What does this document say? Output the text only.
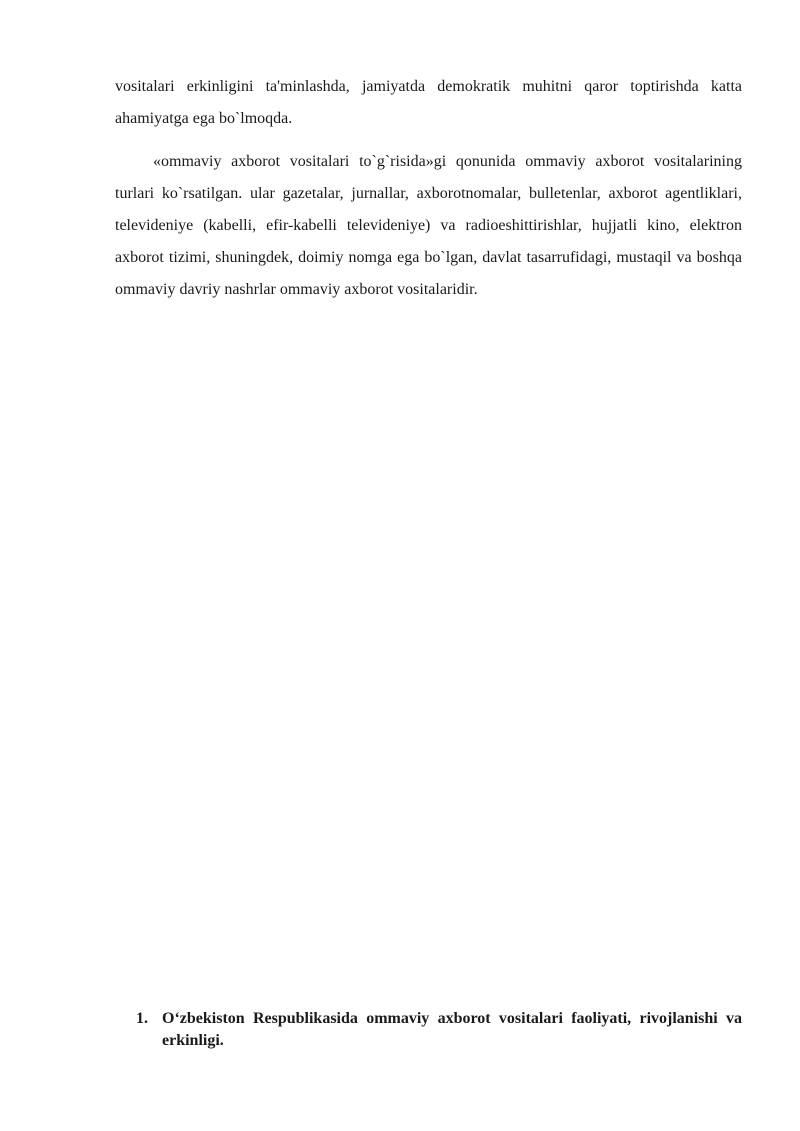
vositalari erkinligini ta'minlashda, jamiyatda demokratik muhitni qaror toptirishda katta ahamiyatga ega bo`lmoqda.

«ommaviy axborot vositalari to`g`risida»gi qonunida ommaviy axborot vositalarining turlari ko`rsatilgan. ular gazetalar, jurnallar, axborotnomalar, bulletenlar, axborot agentliklari, televideniye (kabelli, efir-kabelli televideniye) va radioeshittirishlar, hujjatli kino, elektron axborot tizimi, shuningdek, doimiy nomga ega bo`lgan, davlat tasarrufidagi, mustaqil va boshqa ommaviy davriy nashrlar ommaviy axborot vositalaridir.

1. O‘zbekiston Respublikasida ommaviy axborot vositalari faoliyati, rivojlanishi va erkinligi.
